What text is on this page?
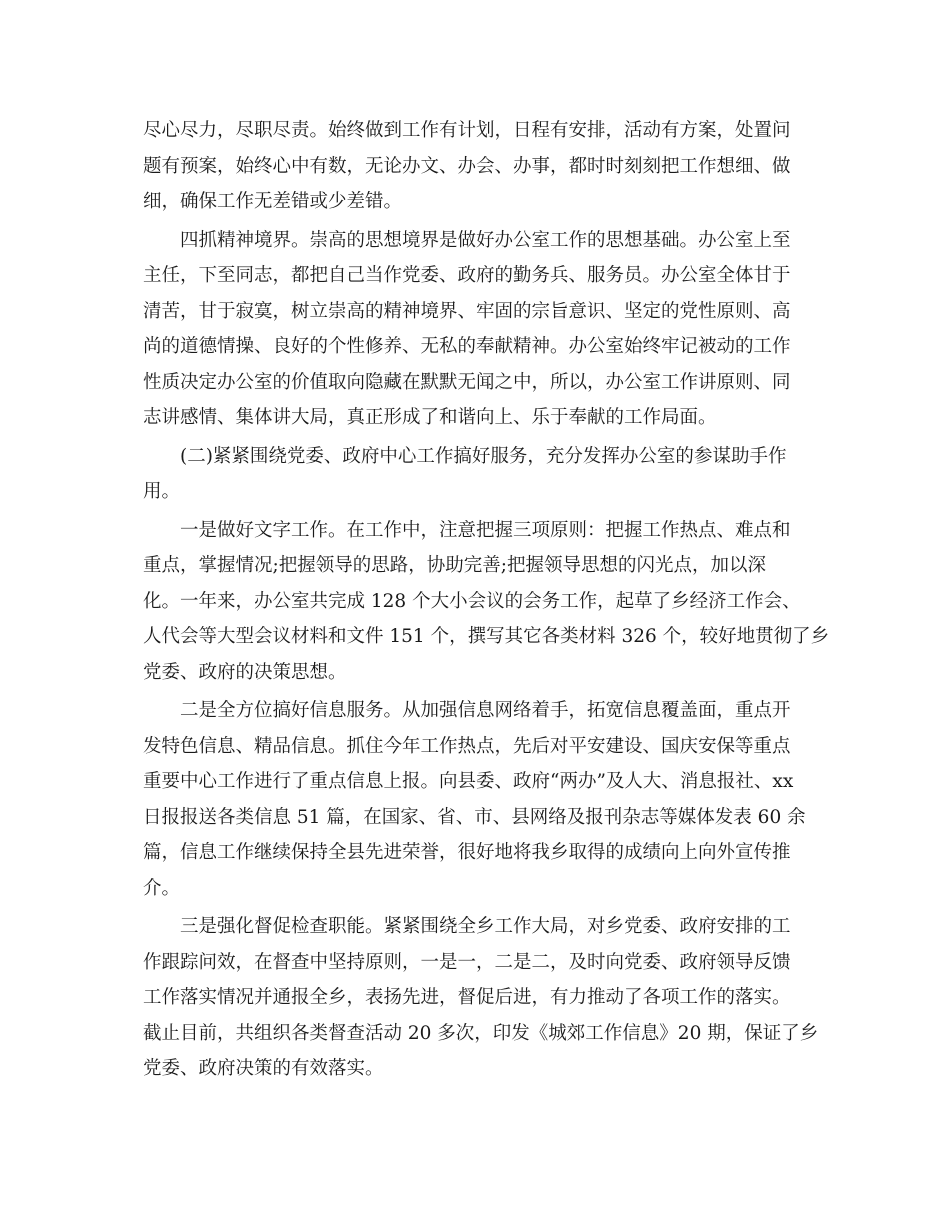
尽心尽力，尽职尽责。始终做到工作有计划，日程有安排，活动有方案，处置问
题有预案，始终心中有数，无论办文、办会、办事，都时时刻刻把工作想细、做
细，确保工作无差错或少差错。
四抓精神境界。崇高的思想境界是做好办公室工作的思想基础。办公室上至
主任，下至同志，都把自己当作党委、政府的勤务兵、服务员。办公室全体甘于
清苦，甘于寂寞，树立崇高的精神境界、牢固的宗旨意识、坚定的党性原则、高
尚的道德情操、良好的个性修养、无私的奉献精神。办公室始终牢记被动的工作
性质决定办公室的价值取向隐藏在默默无闻之中，所以，办公室工作讲原则、同
志讲感情、集体讲大局，真正形成了和谐向上、乐于奉献的工作局面。
(二)紧紧围绕党委、政府中心工作搞好服务，充分发挥办公室的参谋助手作
用。
一是做好文字工作。在工作中，注意把握三项原则：把握工作热点、难点和
重点，掌握情况;把握领导的思路，协助完善;把握领导思想的闪光点，加以深
化。一年来，办公室共完成 128 个大小会议的会务工作，起草了乡经济工作会、
人代会等大型会议材料和文件 151 个，撰写其它各类材料 326 个，较好地贯彻了乡
党委、政府的决策思想。
二是全方位搞好信息服务。从加强信息网络着手，拓宽信息覆盖面，重点开
发特色信息、精品信息。抓住今年工作热点，先后对平安建设、国庆安保等重点
重要中心工作进行了重点信息上报。向县委、政府“两办”及人大、消息报社、xx
日报报送各类信息 51 篇，在国家、省、市、县网络及报刊杂志等媒体发表 60 余
篇，信息工作继续保持全县先进荣誉，很好地将我乡取得的成绩向上向外宣传推
介。
三是强化督促检查职能。紧紧围绕全乡工作大局，对乡党委、政府安排的工
作跟踪问效，在督查中坚持原则，一是一，二是二，及时向党委、政府领导反馈
工作落实情况并通报全乡，表扬先进，督促后进，有力推动了各项工作的落实。
截止目前，共组织各类督查活动 20 多次，印发《城郊工作信息》20 期，保证了乡
党委、政府决策的有效落实。
